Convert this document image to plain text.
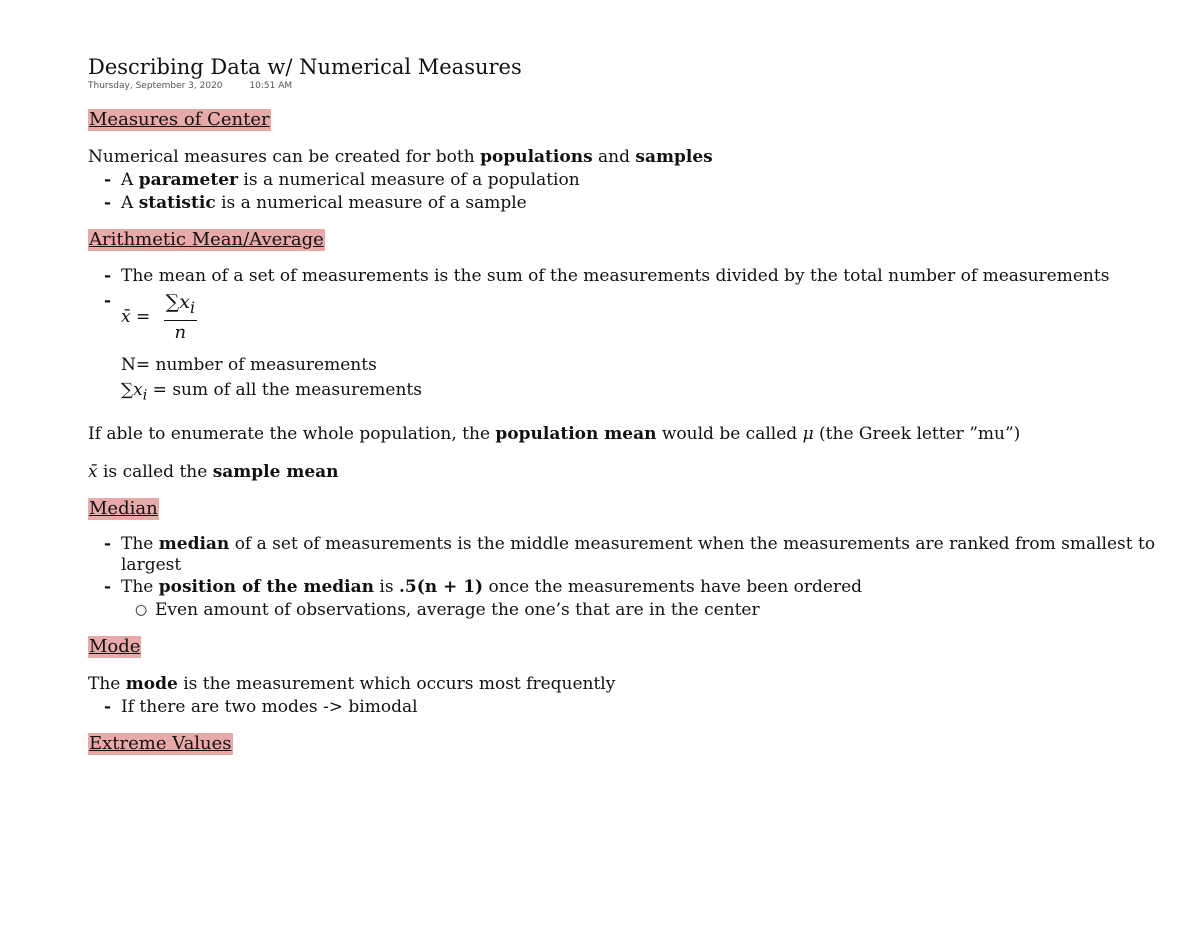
Describing Data w/ Numerical Measures
Thursday, September 3, 2020	10:51 AM
Measures of Center
Numerical measures can be created for both populations and samples
- A parameter is a numerical measure of a population
- A statistic is a numerical measure of a sample
Arithmetic Mean/Average
- The mean of a set of measurements is the sum of the measurements divided by the total number of measurements
- x̄ = $\frac{\sum x_i}{n}$
N= number of measurements
$\sum x_i$ = sum of all the measurements
If able to enumerate the whole population, the population mean would be called μ (the Greek letter ”mu”)
x̄ is called the sample mean
Median
- The median of a set of measurements is the middle measurement when the measurements are ranked from smallest to
largest
- The position of the median is .5(n + 1) once the measurements have been ordered
○ Even amount of observations, average the one’s that are in the center
Mode
The mode is the measurement which occurs most frequently
- If there are two modes -> bimodal
Extreme Values
